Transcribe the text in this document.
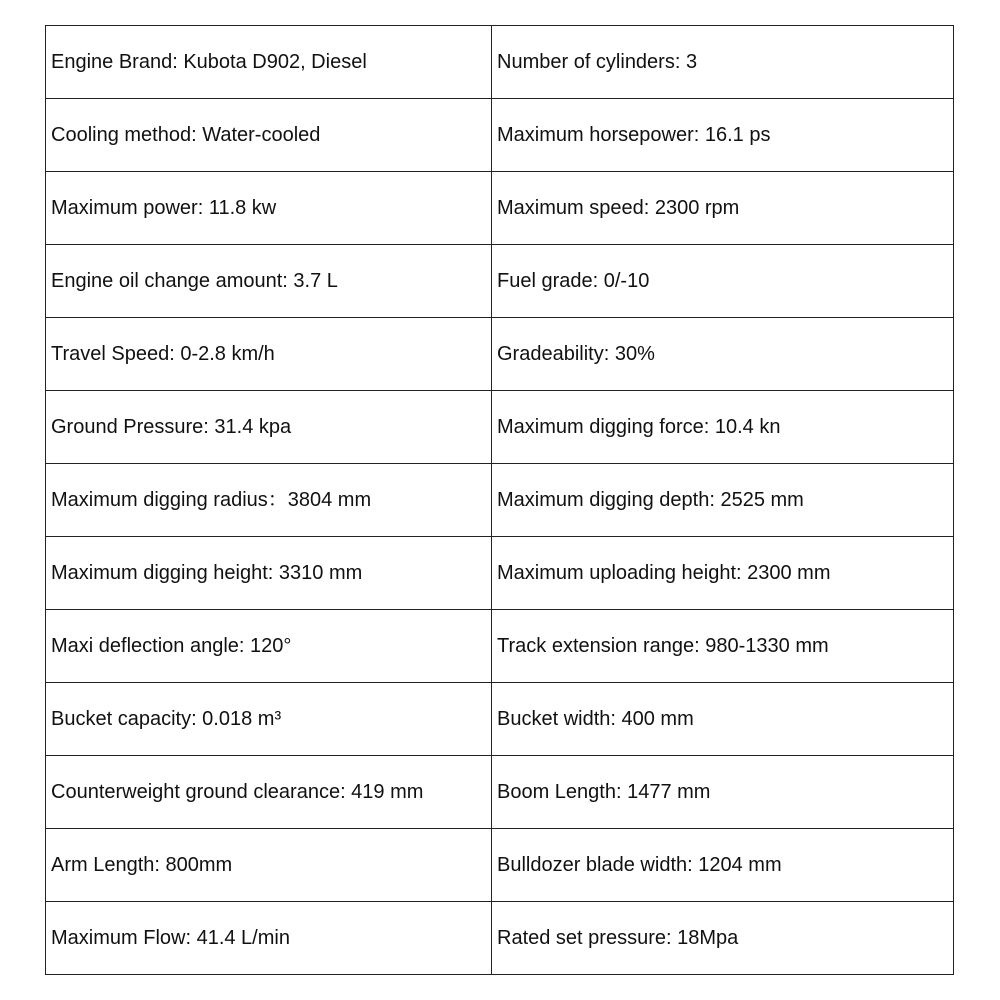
Engine Brand: Kubota D902, Diesel	Number of cylinders: 3
Cooling method: Water-cooled	Maximum horsepower: 16.1 ps
Maximum power: 11.8 kw	Maximum speed: 2300 rpm
Engine oil change amount: 3.7 L	Fuel grade: 0/-10
Travel Speed: 0-2.8 km/h	Gradeability: 30%
Ground Pressure: 31.4 kpa	Maximum digging force: 10.4 kn
Maximum digging radius：3804 mm	Maximum digging depth: 2525 mm
Maximum digging height: 3310 mm	Maximum uploading height: 2300 mm
Maxi deflection angle: 120°	Track extension range: 980-1330 mm
Bucket capacity: 0.018 m³	Bucket width: 400 mm
Counterweight ground clearance: 419 mm	Boom Length: 1477 mm
Arm Length: 800mm	Bulldozer blade width: 1204 mm
Maximum Flow: 41.4 L/min	Rated set pressure: 18Mpa
